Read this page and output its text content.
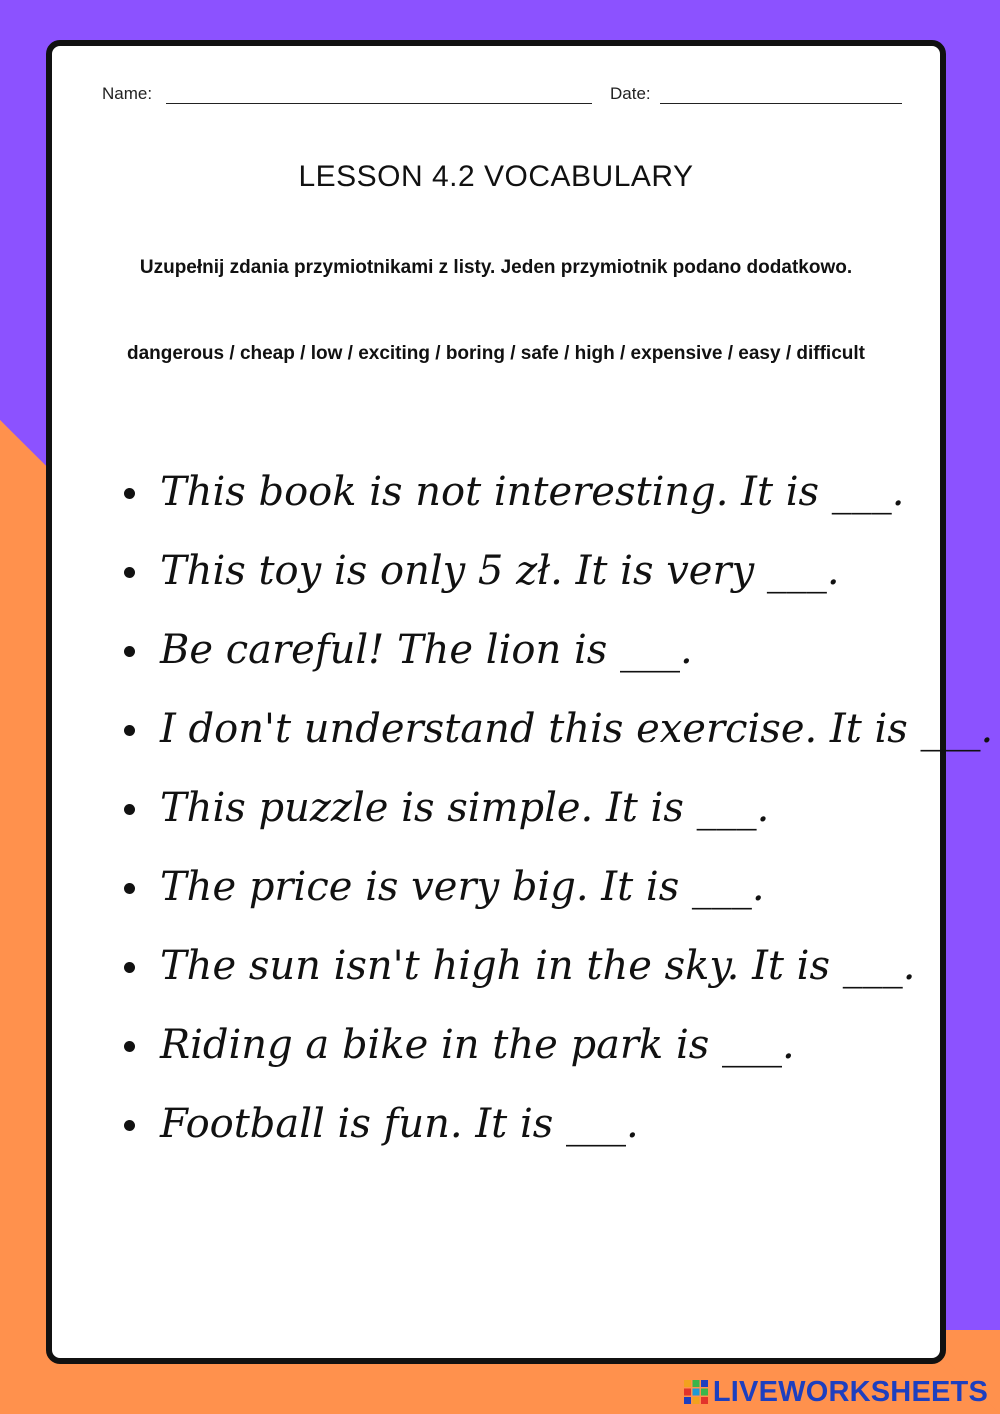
Name:	Date:
LESSON 4.2 VOCABULARY
Uzupełnij zdania przymiotnikami z listy. Jeden przymiotnik podano dodatkowo.
dangerous / cheap / low / exciting / boring / safe / high / expensive / easy / difficult
This book is not interesting. It is ___.
This toy is only 5 zł. It is very ___.
Be careful! The lion is ___.
I don't understand this exercise. It is ___.
This puzzle is simple. It is ___.
The price is very big. It is ___.
The sun isn't high in the sky. It is ___.
Riding a bike in the park is ___.
Football is fun. It is ___.
LIVEWORKSHEETS
